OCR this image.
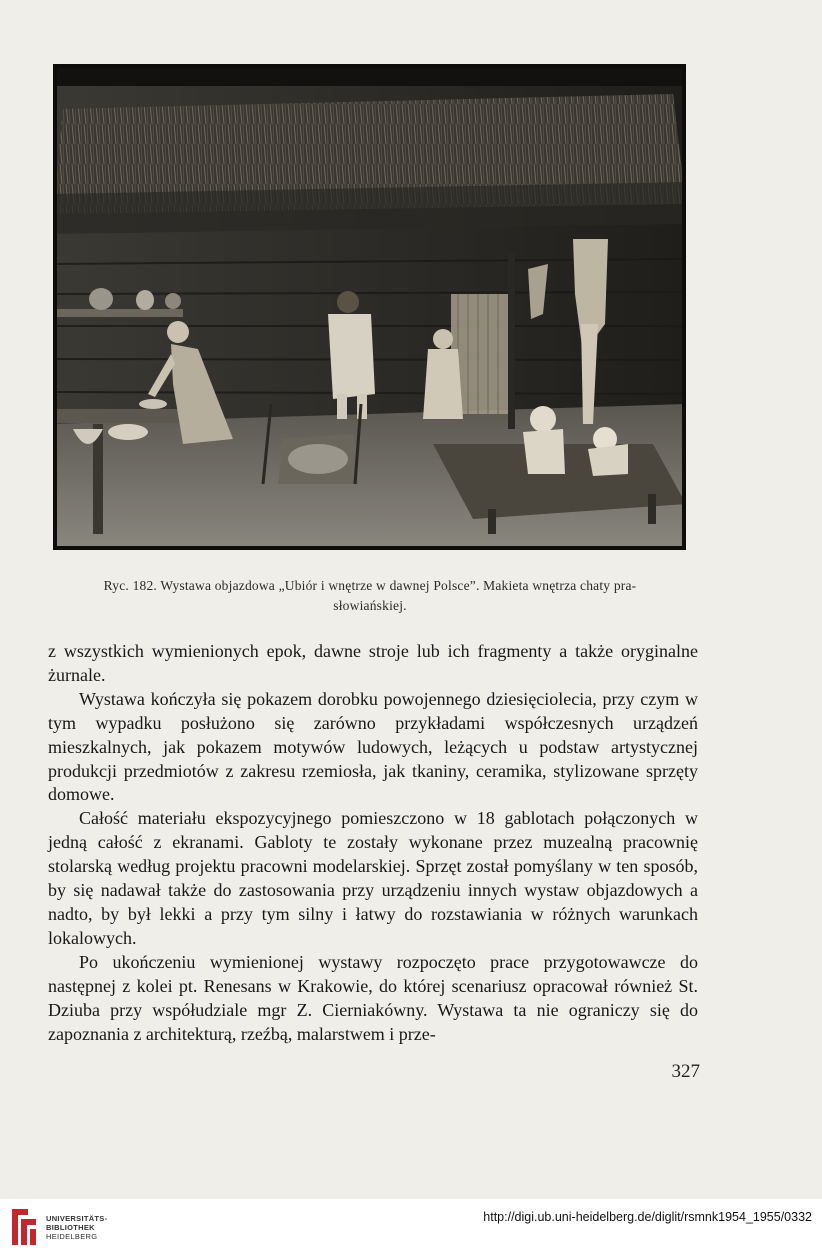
Ryc. 182. Wystawa objazdowa „Ubiór i wnętrze w dawnej Polsce”. Makieta wnętrza chaty pra-
słowiańskiej.

z wszystkich wymienionych epok, dawne stroje lub ich fragmenty a także oryginalne żurnale.

Wystawa kończyła się pokazem dorobku powojennego dziesięciolecia, przy czym w tym wypadku posłużono się zarówno przykładami współczesnych urządzeń mieszkalnych, jak pokazem motywów ludowych, leżących u podstaw artystycznej produkcji przedmiotów z zakresu rzemiosła, jak tkaniny, ceramika, stylizowane sprzęty domowe.

Całość materiału ekspozycyjnego pomieszczono w 18 gablotach połączonych w jedną całość z ekranami. Gabloty te zostały wykonane przez muzealną pracownię stolarską według projektu pracowni modelarskiej. Sprzęt został pomyślany w ten sposób, by się nadawał także do zastosowania przy urządzeniu innych wystaw objazdowych a nadto, by był lekki a przy tym silny i łatwy do rozstawiania w różnych warunkach lokalowych.

Po ukończeniu wymienionej wystawy rozpoczęto prace przygotowawcze do następnej z kolei pt. Renesans w Krakowie, do której scenariusz opracował również St. Dziuba przy współudziale mgr Z. Cierniakówny. Wystawa ta nie ograniczy się do zapoznania z architekturą, rzeźbą, malarstwem i prze-

327
UNIVERSITÄTS-
BIBLIOTHEK
HEIDELBERG
http://digi.ub.uni-heidelberg.de/diglit/rsmnk1954_1955/0332
